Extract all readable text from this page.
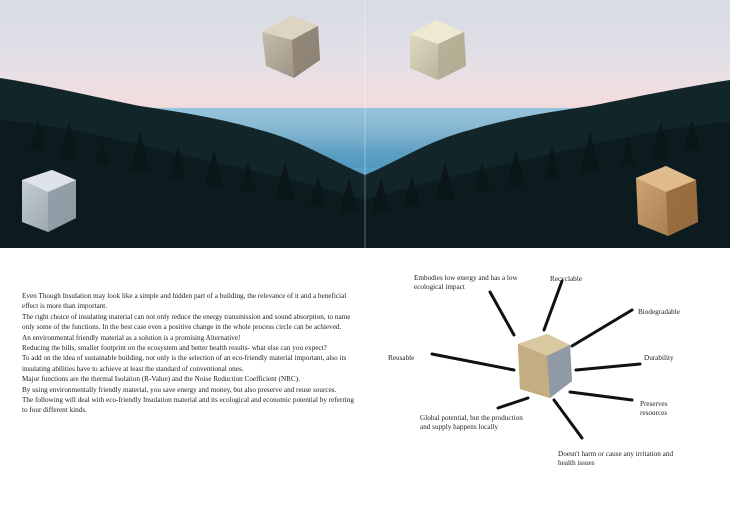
Even Though Insulation may look like a simple and hidden part of a building, the relevance of it and a beneficial effect is more than important.

The right choice of insulating material can not only reduce the energy transmission and sound absorption, to name only some of the functions. In the best case even a positive change in the whole process circle can be achieved.

An environmental friendly material as a solution is a promising Alternative!

Reducing the bills, smaller footprint on the ecosystem and better health results- what else can you expect?

To add on the idea of sustainable building, not only is the selection of an eco-friendly material important, also its insulating abilities have to achieve at least the standard of conventional ones.

Major functions are the thermal Isolation (R-Value) and the Noise Reduction Coefficient (NRC).

By using environmentally friendly material, you save energy and money, but also preserve and reuse sources.

The following will deal with eco-friendly Insulation material and its ecological and economic potential by referring to four different kinds.

Embodies low energy and has a low ecological impact
Recyclable
Biodegradable
Reusable	Durability
Preserves resources
Global potential, but the production and supply happens locally
Doesn't harm or cause any irritation and health issues
